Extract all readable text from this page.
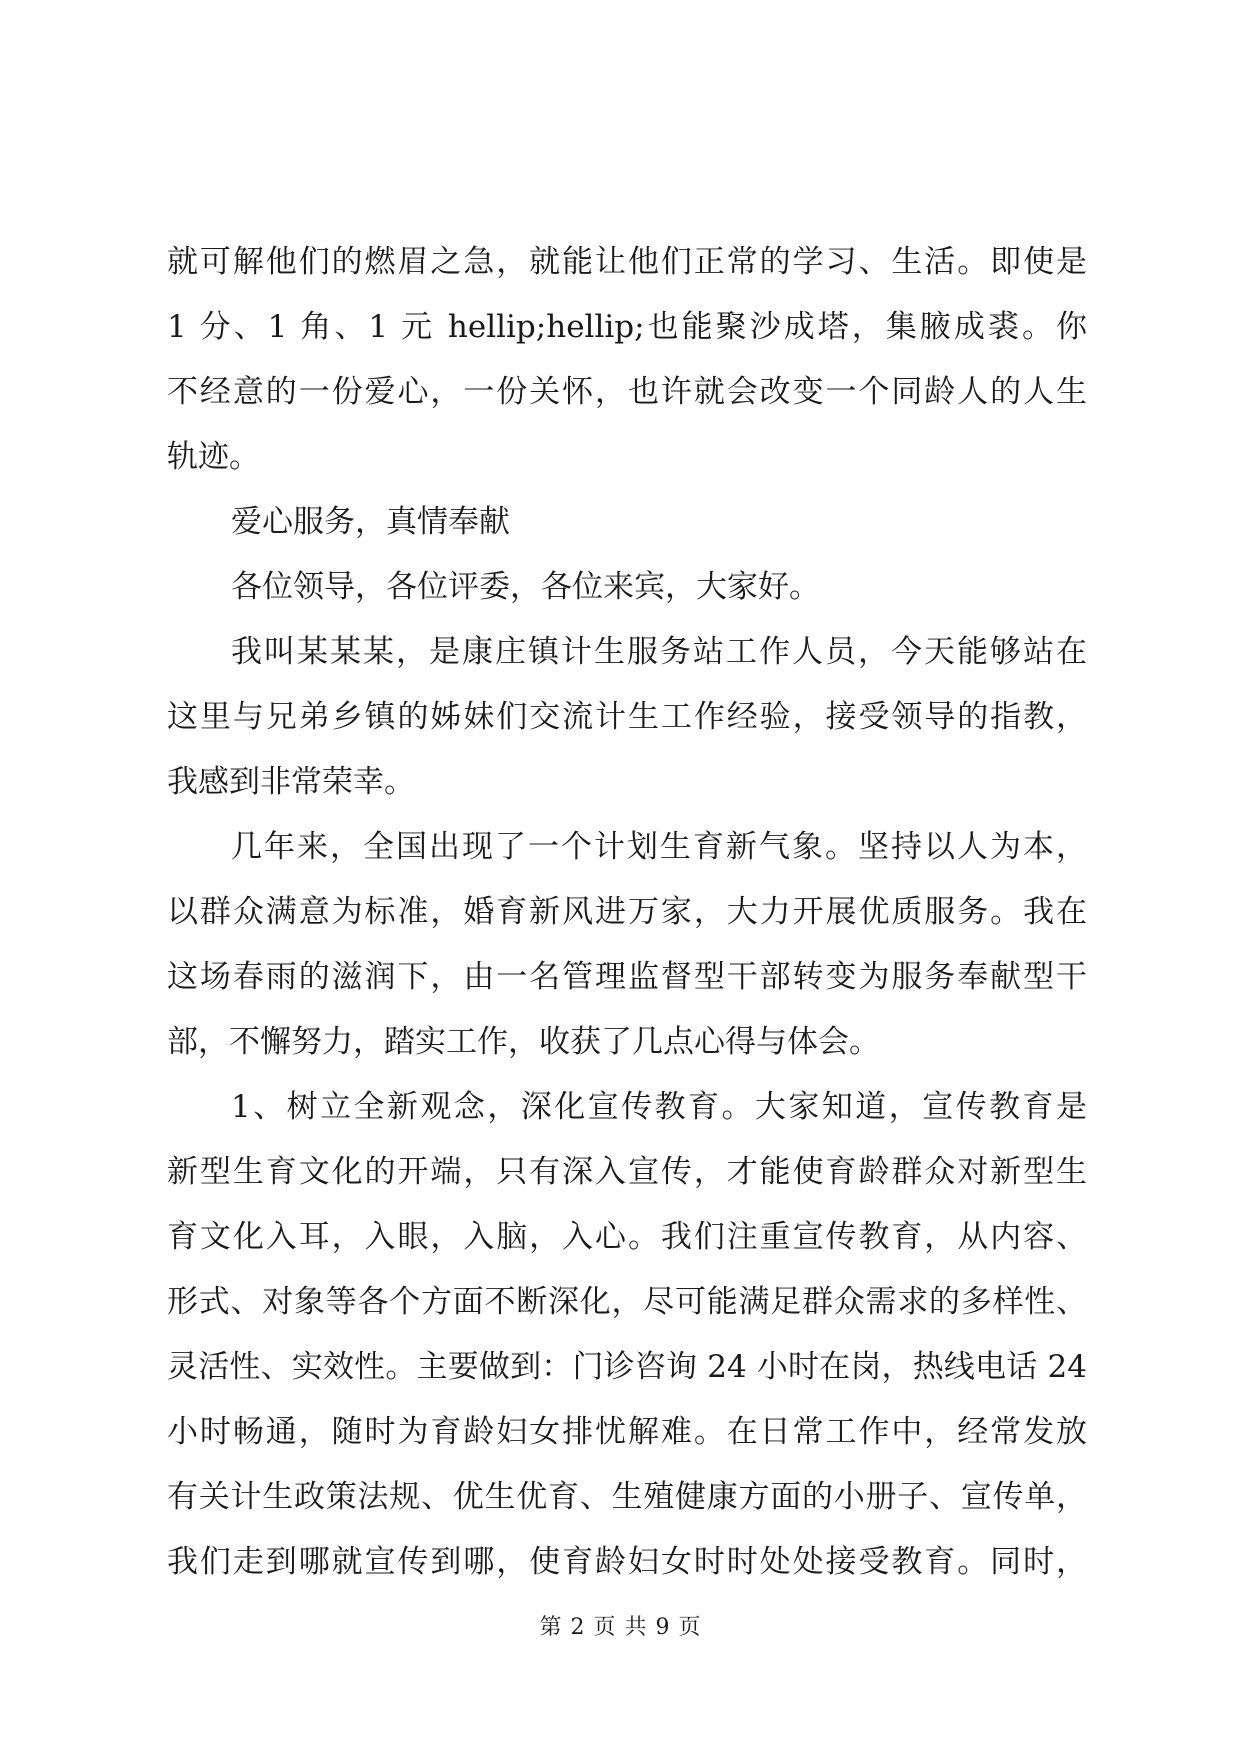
就可解他们的燃眉之急，就能让他们正常的学习、生活。即使是
1 分、1 角、1 元 hellip;hellip;也能聚沙成塔，集腋成裘。你
不经意的一份爱心，一份关怀，也许就会改变一个同龄人的人生
轨迹。
爱心服务，真情奉献
各位领导，各位评委，各位来宾，大家好。
我叫某某某，是康庄镇计生服务站工作人员，今天能够站在
这里与兄弟乡镇的姊妹们交流计生工作经验，接受领导的指教，
我感到非常荣幸。
几年来，全国出现了一个计划生育新气象。坚持以人为本，
以群众满意为标准，婚育新风进万家，大力开展优质服务。我在
这场春雨的滋润下，由一名管理监督型干部转变为服务奉献型干
部，不懈努力，踏实工作，收获了几点心得与体会。
1、树立全新观念，深化宣传教育。大家知道，宣传教育是
新型生育文化的开端，只有深入宣传，才能使育龄群众对新型生
育文化入耳，入眼，入脑，入心。我们注重宣传教育，从内容、
形式、对象等各个方面不断深化，尽可能满足群众需求的多样性、
灵活性、实效性。主要做到：门诊咨询 24 小时在岗，热线电话 24
小时畅通，随时为育龄妇女排忧解难。在日常工作中，经常发放
有关计生政策法规、优生优育、生殖健康方面的小册子、宣传单，
我们走到哪就宣传到哪，使育龄妇女时时处处接受教育。同时，
第 2 页 共 9 页
